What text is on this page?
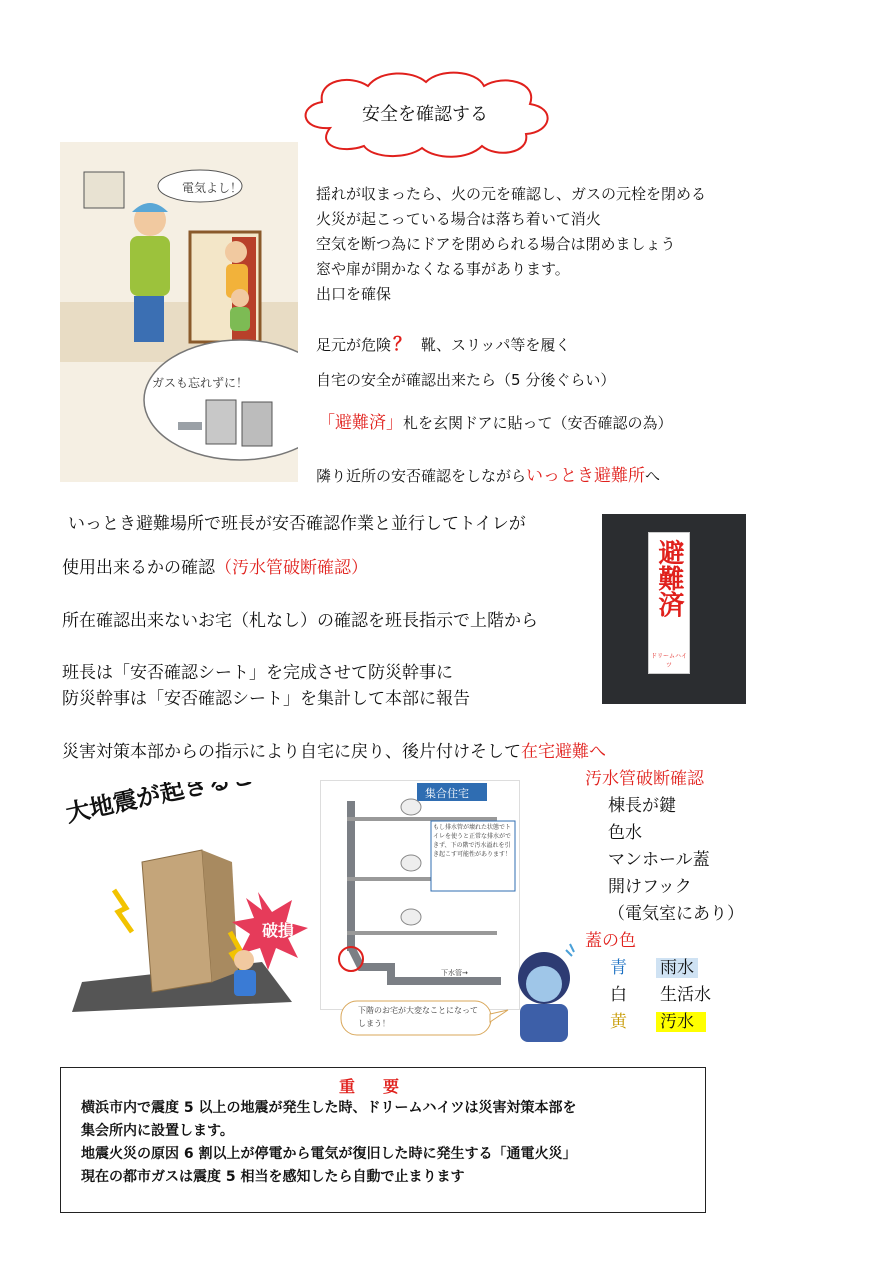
安全を確認する
電気よし！
ガスも忘れずに！

揺れが収まったら、火の元を確認し、ガスの元栓を閉める

火災が起こっている場合は落ち着いて消火

空気を断つ為にドアを閉められる場合は閉めましょう

窓や扉が開かなくなる事があります。

出口を確保

足元が危険 ？ 靴、スリッパ等を履く
自宅の安全が確認出来たら（5 分後ぐらい）
「避難済」札を玄関ドアに貼って（安否確認の為）
隣り近所の安否確認をしながらいっとき避難所へ
いっとき避難場所で班長が安否確認作業と並行してトイレが
使用出来るかの確認（汚水管破断確認）
所在確認出来ないお宅（札なし）の確認を班長指示で上階から
班長は「安否確認シート」を完成させて防災幹事に
防災幹事は「安否確認シート」を集計して本部に報告
災害対策本部からの指示により自宅に戻り、後片付けそして在宅避難へ
避難済
ドリームハイツ
大地震が起きると…
破損
集合住宅
もし排水管が壊れた状態でトイレを使うと正常な排水ができず、下の階で汚水溢れを引き起こす可能性があります！
下水管→
下階のお宅が大変なことになってしまう！
汚水管破断確認
棟長が鍵
色水
マンホール蓋
開けフック
（電気室にあり）
蓋の色
青 雨水
白 生活水
黄 汚水
重要
横浜市内で震度 5 以上の地震が発生した時、ドリームハイツは災害対策本部を
集会所内に設置します。
地震火災の原因 6 割以上が停電から電気が復旧した時に発生する「通電火災」
現在の都市ガスは震度 5 相当を感知したら自動で止まります
